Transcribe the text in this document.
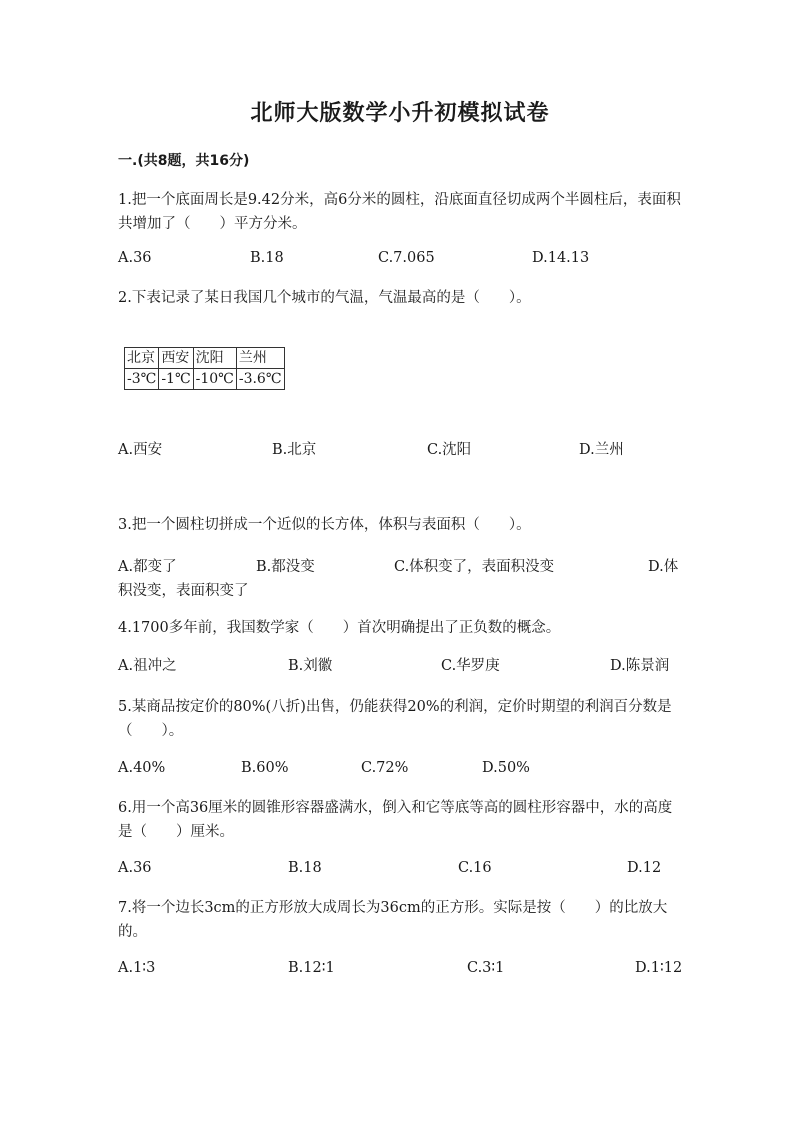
北师大版数学小升初模拟试卷
一.(共8题，共16分)
1.把一个底面周长是9.42分米，高6分米的圆柱，沿底面直径切成两个半圆柱后，表面积共增加了（　　）平方分米。
A.36	B.18	C.7.065	D.14.13
2.下表记录了某日我国几个城市的气温，气温最高的是（　　）。
北京	西安	沈阳	兰州
-3℃	-1℃	-10℃	-3.6℃
A.西安	B.北京	C.沈阳	D.兰州
3.把一个圆柱切拼成一个近似的长方体，体积与表面积（　　）。
A.都变了	B.都没变	C.体积变了，表面积没变	D.体积没变，表面积变了
4.1700多年前，我国数学家（　　）首次明确提出了正负数的概念。
A.祖冲之	B.刘徽	C.华罗庚	D.陈景润
5.某商品按定价的80%(八折)出售，仍能获得20%的利润，定价时期望的利润百分数是（　　）。
A.40%	B.60%	C.72%	D.50%
6.用一个高36厘米的圆锥形容器盛满水，倒入和它等底等高的圆柱形容器中，水的高度是（　　）厘米。
A.36	B.18	C.16	D.12
7.将一个边长3cm的正方形放大成周长为36cm的正方形。实际是按（　　）的比放大的。
A.1∶3	B.12∶1	C.3∶1	D.1∶12
